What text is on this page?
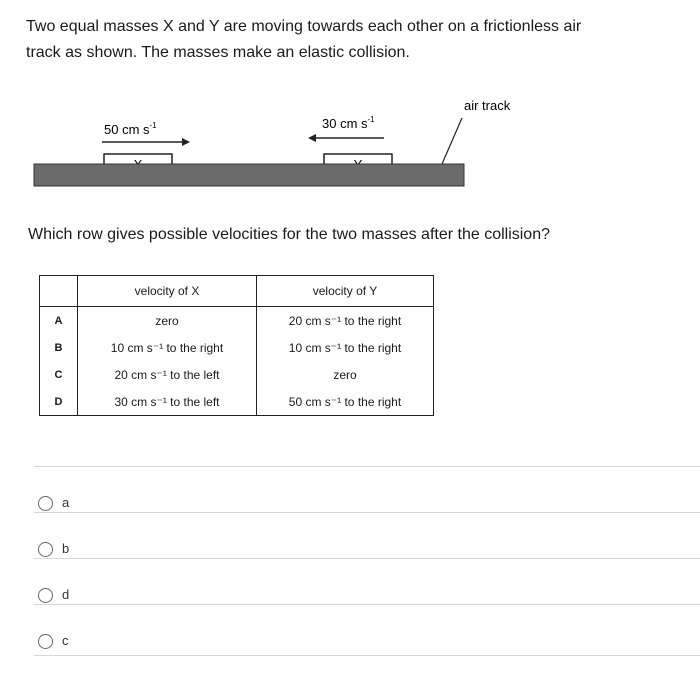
Two equal masses X and Y are moving towards each other on a frictionless air
track as shown. The masses make an elastic collision.
50 cm $s^{-1}$	30 cm $s^{-1}$
air track
Which row gives possible velocities for the two masses after the collision?
	velocity of X	velocity of Y
A	zero	20 cm s⁻¹ to the right
B	10 cm s⁻¹ to the right	10 cm s⁻¹ to the right
C	20 cm s⁻¹ to the left	zero
D	30 cm s⁻¹ to the left	50 cm s⁻¹ to the right
a
b
d
c
